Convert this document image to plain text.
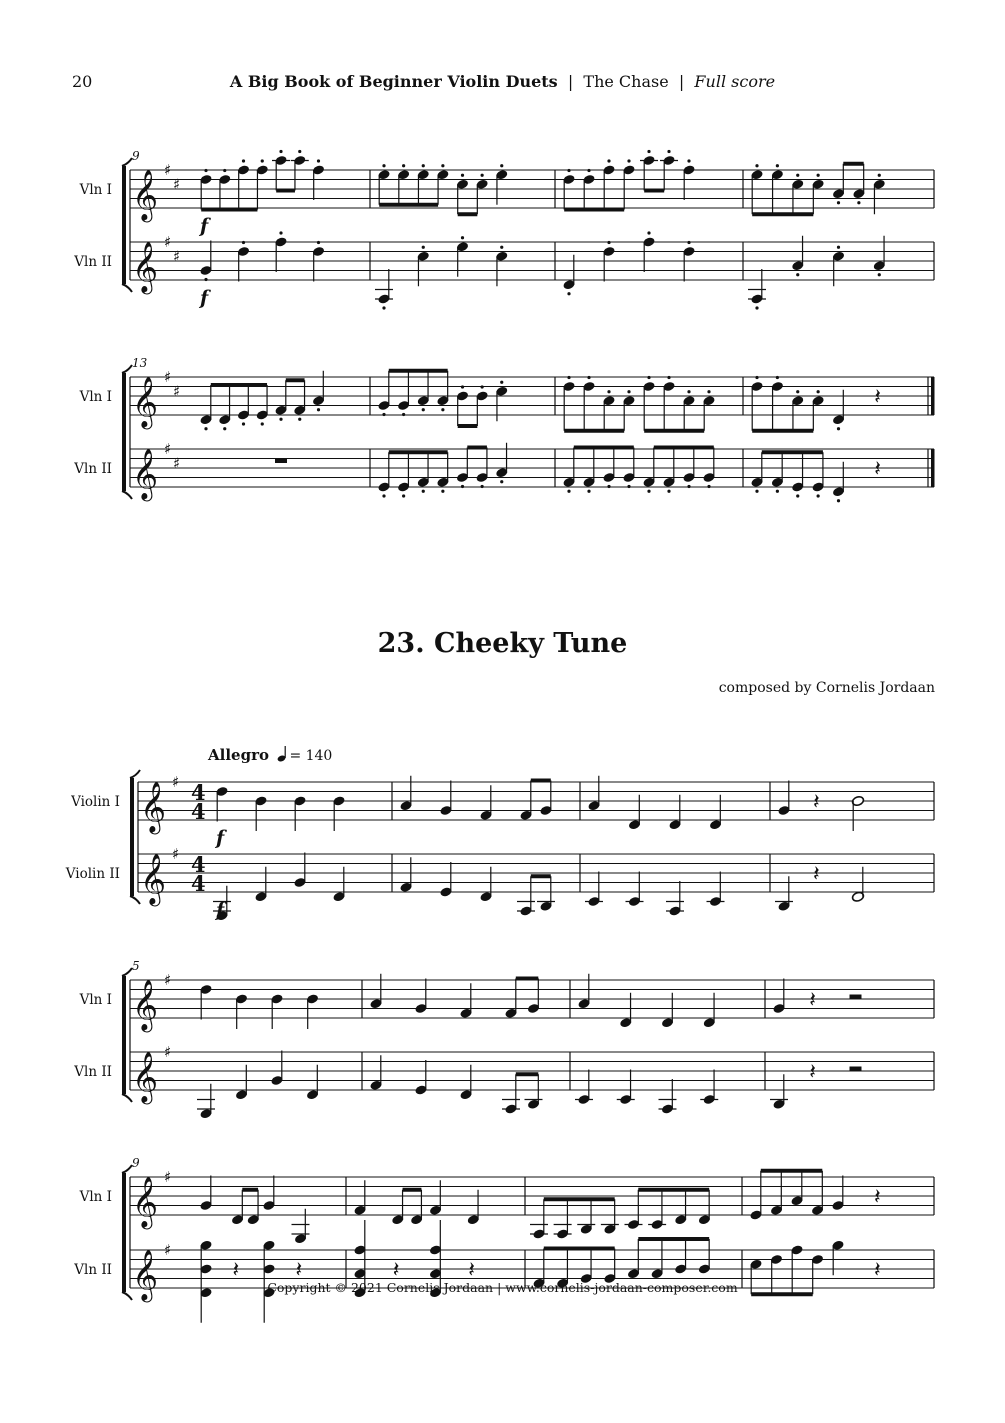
20	A Big Book of Beginner Violin Duets | The Chase | Full score
23. Cheeky Tune
composed by Cornelis Jordaan
Allegro = 140
Vln I
Vln II
9
𝄞 ♯
♯
𝄞 ♯
♯
f
f
Vln I
Vln II
13
𝄞 ♯
♯
𝄞 ♯
♯
𝄽
𝄽
Violin I
Violin II
𝄞 ♯ 4
4
𝄞 ♯ 4
4
𝄽
𝄽
f
f
Vln I
Vln II
5
𝄞 ♯
𝄞 ♯
𝄽
𝄽
Vln I
Vln II
9
𝄞 ♯
𝄞 ♯
𝄽
𝄽	𝄽	𝄽	𝄽	𝄽
Copyright © 2021 Cornelis Jordaan | www.cornelis-jordaan-composer.com
